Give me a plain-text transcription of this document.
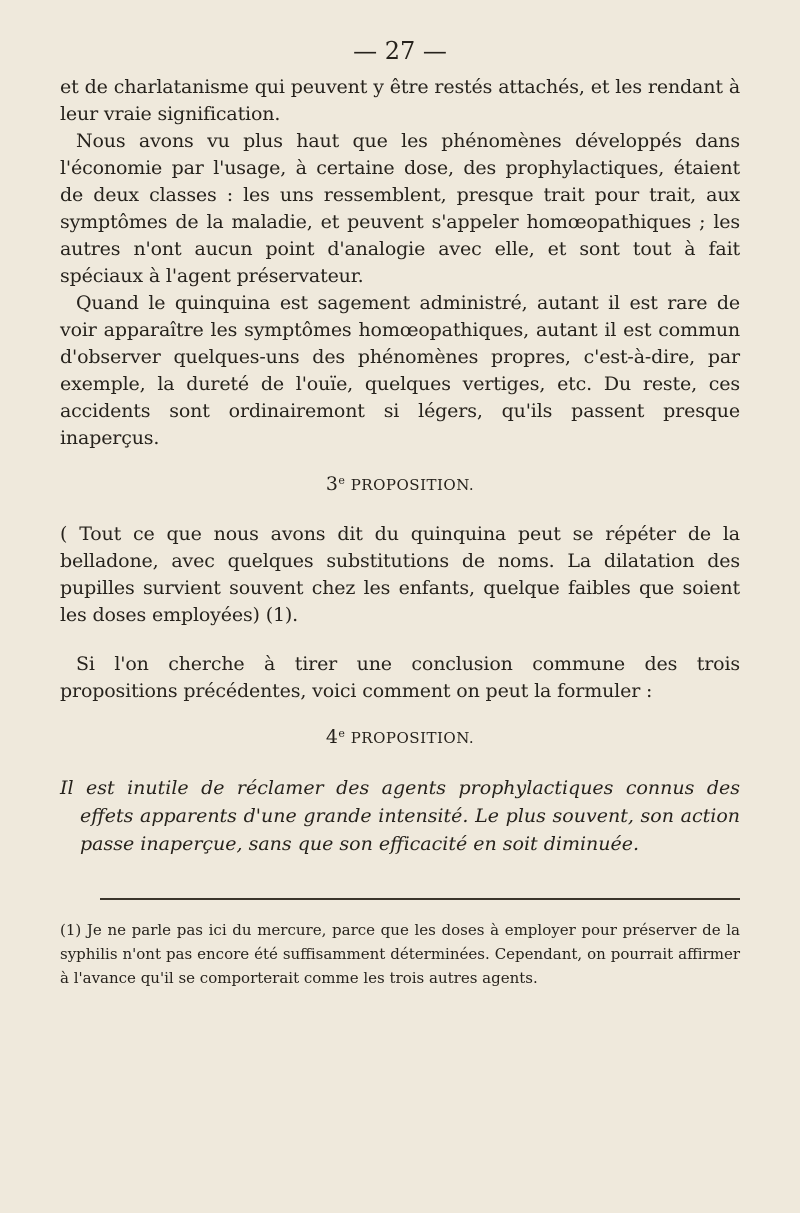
— 27 —

et de charlatanisme qui peuvent y être restés attachés, et les rendant à leur vraie signification.

Nous avons vu plus haut que les phénomènes développés dans l'économie par l'usage, à certaine dose, des prophylactiques, étaient de deux classes : les uns ressemblent, presque trait pour trait, aux symptômes de la maladie, et peuvent s'appeler homœopathiques ; les autres n'ont aucun point d'analogie avec elle, et sont tout à fait spéciaux à l'agent préservateur.

Quand le quinquina est sagement administré, autant il est rare de voir apparaître les symptômes homœopathiques, autant il est commun d'observer quelques-uns des phénomènes propres, c'est-à-dire, par exemple, la dureté de l'ouïe, quelques vertiges, etc. Du reste, ces accidents sont ordinairemont si légers, qu'ils passent presque inaperçus.

3e PROPOSITION.

( Tout ce que nous avons dit du quinquina peut se répéter de la belladone, avec quelques substitutions de noms. La dilatation des pupilles survient souvent chez les enfants, quelque faibles que soient les doses employées) (1).

Si l'on cherche à tirer une conclusion commune des trois propositions précédentes, voici comment on peut la formuler :

4e PROPOSITION.

Il est inutile de réclamer des agents prophylactiques connus des effets apparents d'une grande intensité. Le plus souvent, son action passe inaperçue, sans que son efficacité en soit diminuée.

(1) Je ne parle pas ici du mercure, parce que les doses à employer pour préserver de la syphilis n'ont pas encore été suffisamment déterminées. Cependant, on pourrait affirmer à l'avance qu'il se comporterait comme les trois autres agents.
